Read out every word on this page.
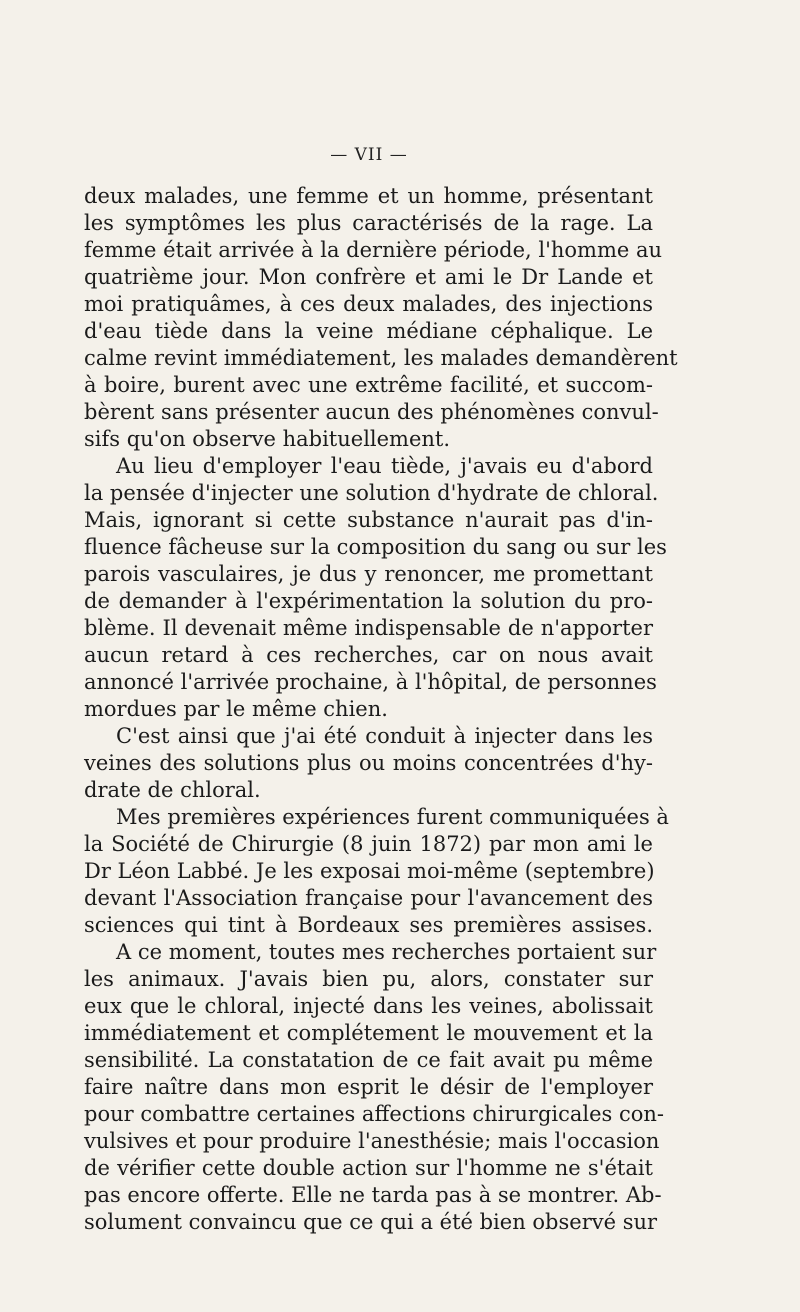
— VII —
deux malades, une femme et un homme, présentant
les symptômes les plus caractérisés de la rage. La
femme était arrivée à la dernière période, l'homme au
quatrième jour. Mon confrère et ami le Dr Lande et
moi pratiquâmes, à ces deux malades, des injections
d'eau tiède dans la veine médiane céphalique. Le
calme revint immédiatement, les malades demandèrent
à boire, burent avec une extrême facilité, et succom-
bèrent sans présenter aucun des phénomènes convul-
sifs qu'on observe habituellement.
Au lieu d'employer l'eau tiède, j'avais eu d'abord
la pensée d'injecter une solution d'hydrate de chloral.
Mais, ignorant si cette substance n'aurait pas d'in-
fluence fâcheuse sur la composition du sang ou sur les
parois vasculaires, je dus y renoncer, me promettant
de demander à l'expérimentation la solution du pro-
blème. Il devenait même indispensable de n'apporter
aucun retard à ces recherches, car on nous avait
annoncé l'arrivée prochaine, à l'hôpital, de personnes
mordues par le même chien.
C'est ainsi que j'ai été conduit à injecter dans les
veines des solutions plus ou moins concentrées d'hy-
drate de chloral.
Mes premières expériences furent communiquées à
la Société de Chirurgie (8 juin 1872) par mon ami le
Dr Léon Labbé. Je les exposai moi-même (septembre)
devant l'Association française pour l'avancement des
sciences qui tint à Bordeaux ses premières assises.
A ce moment, toutes mes recherches portaient sur
les animaux. J'avais bien pu, alors, constater sur
eux que le chloral, injecté dans les veines, abolissait
immédiatement et complétement le mouvement et la
sensibilité. La constatation de ce fait avait pu même
faire naître dans mon esprit le désir de l'employer
pour combattre certaines affections chirurgicales con-
vulsives et pour produire l'anesthésie; mais l'occasion
de vérifier cette double action sur l'homme ne s'était
pas encore offerte. Elle ne tarda pas à se montrer. Ab-
solument convaincu que ce qui a été bien observé sur
